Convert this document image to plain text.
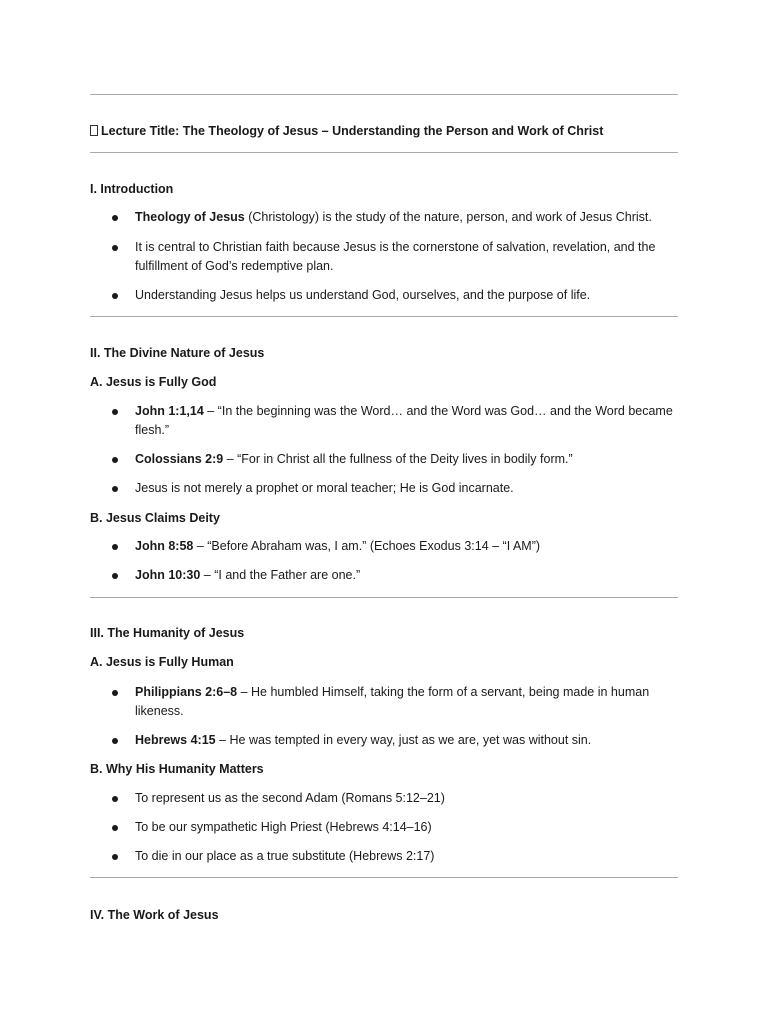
Lecture Title: The Theology of Jesus – Understanding the Person and Work of Christ
I. Introduction
Theology of Jesus (Christology) is the study of the nature, person, and work of Jesus Christ.
It is central to Christian faith because Jesus is the cornerstone of salvation, revelation, and the
fulfillment of God’s redemptive plan.
Understanding Jesus helps us understand God, ourselves, and the purpose of life.
II. The Divine Nature of Jesus
A. Jesus is Fully God
John 1:1,14 – “In the beginning was the Word… and the Word was God… and the Word became
flesh.”
Colossians 2:9 – “For in Christ all the fullness of the Deity lives in bodily form.”
Jesus is not merely a prophet or moral teacher; He is God incarnate.
B. Jesus Claims Deity
John 8:58 – “Before Abraham was, I am.” (Echoes Exodus 3:14 – “I AM”)
John 10:30 – “I and the Father are one.”
III. The Humanity of Jesus
A. Jesus is Fully Human
Philippians 2:6–8 – He humbled Himself, taking the form of a servant, being made in human
likeness.
Hebrews 4:15 – He was tempted in every way, just as we are, yet was without sin.
B. Why His Humanity Matters
To represent us as the second Adam (Romans 5:12–21)
To be our sympathetic High Priest (Hebrews 4:14–16)
To die in our place as a true substitute (Hebrews 2:17)
IV. The Work of Jesus
